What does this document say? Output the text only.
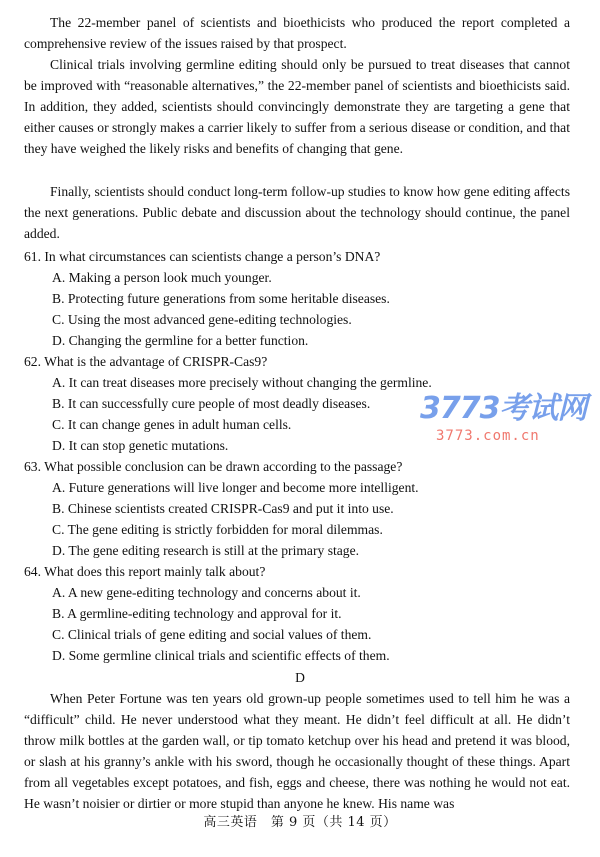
The 22-member panel of scientists and bioethicists who produced the report completed a comprehensive review of the issues raised by that prospect.
Clinical trials involving germline editing should only be pursued to treat diseases that cannot be improved with “reasonable alternatives,” the 22-member panel of scientists and bioethicists said. In addition, they added, scientists should convincingly demonstrate they are targeting a gene that either causes or strongly makes a carrier likely to suffer from a serious disease or condition, and that they have weighed the likely risks and benefits of changing that gene.
Finally, scientists should conduct long-term follow-up studies to know how gene editing affects the next generations. Public debate and discussion about the technology should continue, the panel added.
61. In what circumstances can scientists change a person’s DNA?
A. Making a person look much younger.
B. Protecting future generations from some heritable diseases.
C. Using the most advanced gene-editing technologies.
D. Changing the germline for a better function.
62. What is the advantage of CRISPR-Cas9?
A. It can treat diseases more precisely without changing the germline.
B. It can successfully cure people of most deadly diseases.
C. It can change genes in adult human cells.
D. It can stop genetic mutations.
63. What possible conclusion can be drawn according to the passage?
A. Future generations will live longer and become more intelligent.
B. Chinese scientists created CRISPR-Cas9 and put it into use.
C. The gene editing is strictly forbidden for moral dilemmas.
D. The gene editing research is still at the primary stage.
64. What does this report mainly talk about?
A. A new gene-editing technology and concerns about it.
B. A germline-editing technology and approval for it.
C. Clinical trials of gene editing and social values of them.
D. Some germline clinical trials and scientific effects of them.
D
When Peter Fortune was ten years old grown-up people sometimes used to tell him he was a “difficult” child. He never understood what they meant. He didn’t feel difficult at all. He didn’t throw milk bottles at the garden wall, or tip tomato ketchup over his head and pretend it was blood, or slash at his granny’s ankle with his sword, though he occasionally thought of these things. Apart from all vegetables except potatoes, and fish, eggs and cheese, there was nothing he would not eat. He wasn’t noisier or dirtier or more stupid than anyone he knew. His name was
高三英语　第 9 页（共 14 页）
3773考试网
3773.com.cn
